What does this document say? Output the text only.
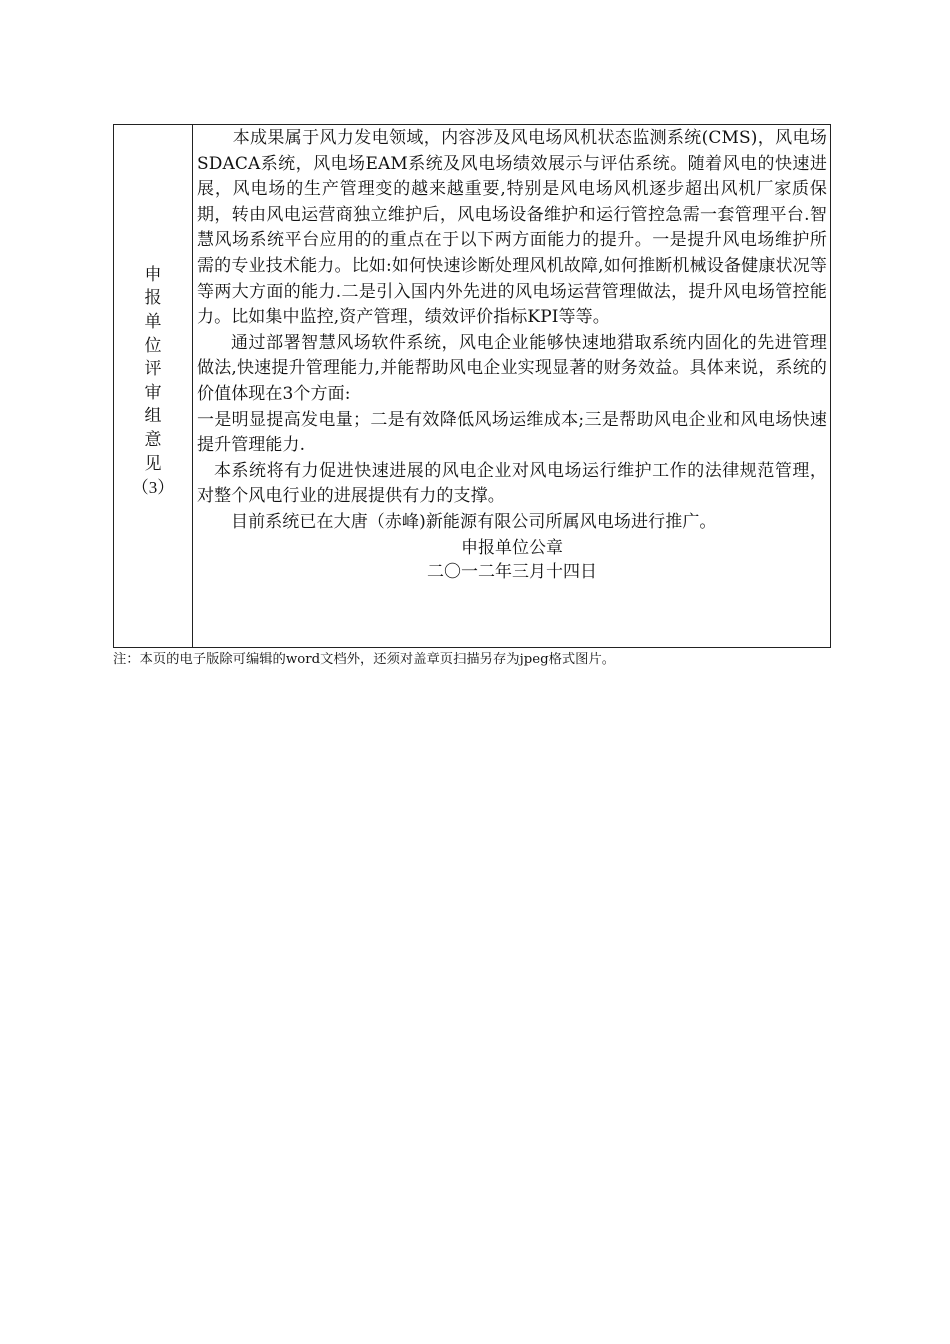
申
报
单
位
评
审
组
意
见
（3）

本成果属于风力发电领域，内容涉及风电场风机状态监测系统(CMS)，风电场SDACA系统，风电场EAM系统及风电场绩效展示与评估系统。随着风电的快速进展，风电场的生产管理变的越来越重要,特别是风电场风机逐步超出风机厂家质保期，转由风电运营商独立维护后，风电场设备维护和运行管控急需一套管理平台.智慧风场系统平台应用的的重点在于以下两方面能力的提升。一是提升风电场维护所需的专业技术能力。比如:如何快速诊断处理风机故障,如何推断机械设备健康状况等等两大方面的能力.二是引入国内外先进的风电场运营管理做法，提升风电场管控能力。比如集中监控,资产管理，绩效评价指标KPI等等。

通过部署智慧风场软件系统，风电企业能够快速地猎取系统内固化的先进管理做法,快速提升管理能力,并能帮助风电企业实现显著的财务效益。具体来说，系统的价值体现在3个方面:

一是明显提高发电量；二是有效降低风场运维成本;三是帮助风电企业和风电场快速提升管理能力.

本系统将有力促进快速进展的风电企业对风电场运行维护工作的法律规范管理，对整个风电行业的进展提供有力的支撑。

目前系统已在大唐（赤峰)新能源有限公司所属风电场进行推广。

申报单位公章

二〇一二年三月十四日

注：本页的电子版除可编辑的word文档外，还须对盖章页扫描另存为jpeg格式图片。
